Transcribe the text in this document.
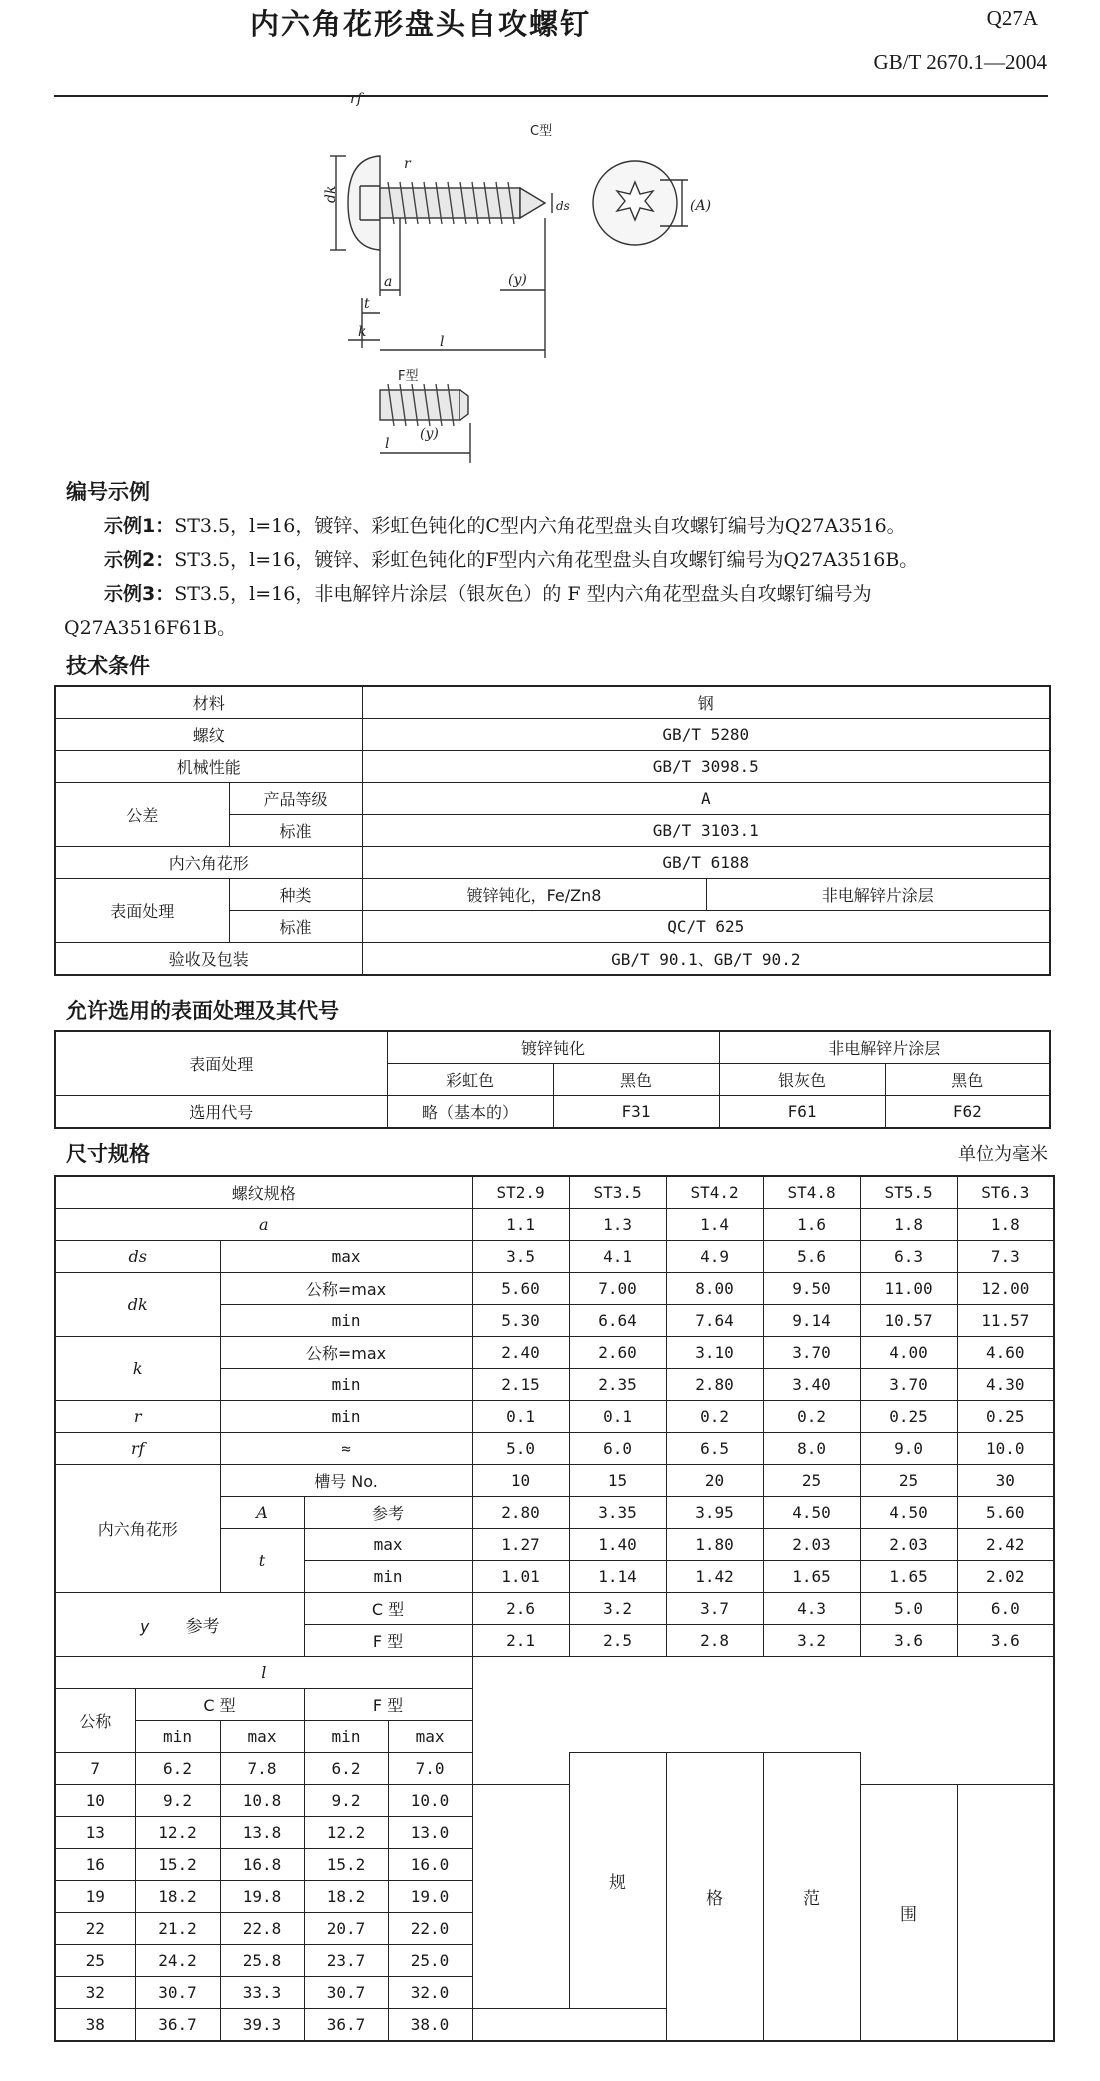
内六角花形盘头自攻螺钉	Q27A
GB/T 2670.1—2004
C型
dk
rf
r
a
t
k
l
(y)
ds	(A)
F型
l
(y)
编号示例
示例1：ST3.5，l=16，镀锌、彩虹色钝化的C型内六角花型盘头自攻螺钉编号为Q27A3516。
示例2：ST3.5，l=16，镀锌、彩虹色钝化的F型内六角花型盘头自攻螺钉编号为Q27A3516B。
示例3：ST3.5，l=16，非电解锌片涂层（银灰色）的 F 型内六角花型盘头自攻螺钉编号为
Q27A3516F61B。
技术条件
材料		钢	
螺纹		GB/T 5280	
机械性能		GB/T 3098.5	
公差	产品等级	A	
	标准	GB/T 3103.1	
内六角花形		GB/T 6188	
表面处理	种类	镀锌钝化，Fe/Zn8	非电解锌片涂层
	标准	QC/T 625	
验收及包装		GB/T 90.1、GB/T 90.2	
允许选用的表面处理及其代号
表面处理	镀锌钝化		非电解锌片涂层	
	彩虹色	黑色	银灰色	黑色
选用代号	略（基本的）	F31	F61	F62
尺寸规格	单位为毫米
螺纹规格					ST2.9	ST3.5	ST4.2	ST4.8	ST5.5	ST6.3
a					1.1	1.3	1.4	1.6	1.8	1.8
ds		max			3.5	4.1	4.9	5.6	6.3	7.3
dk		公称=max			5.60	7.00	8.00	9.50	11.00	12.00
		min			5.30	6.64	7.64	9.14	10.57	11.57
k		公称=max			2.40	2.60	3.10	3.70	4.00	4.60
		min			2.15	2.35	2.80	3.40	3.70	4.30
r		min			0.1	0.1	0.2	0.2	0.25	0.25
rf		≈			5.0	6.0	6.5	8.0	9.0	10.0
内六角花形		槽号 No.			10	15	20	25	25	30
		A	参考		2.80	3.35	3.95	4.50	4.50	5.60
		t	max		1.27	1.40	1.80	2.03	2.03	2.42
			min		1.01	1.14	1.42	1.65	1.65	2.02
y 参考			C 型		2.6	3.2	3.7	4.3	5.0	6.0
			F 型		2.1	2.5	2.8	3.2	3.6	3.6
l										
公称	C 型		F 型							
	min	max	min	max						
7	6.2	7.8	6.2	7.0		规	格	范		
10	9.2	10.8	9.2	10.0					围	
13	12.2	13.8	12.2	13.0						
16	15.2	16.8	15.2	16.0						
19	18.2	19.8	18.2	19.0						
22	21.2	22.8	20.7	22.0						
25	24.2	25.8	23.7	25.0						
32	30.7	33.3	30.7	32.0						
38	36.7	39.3	36.7	38.0						
